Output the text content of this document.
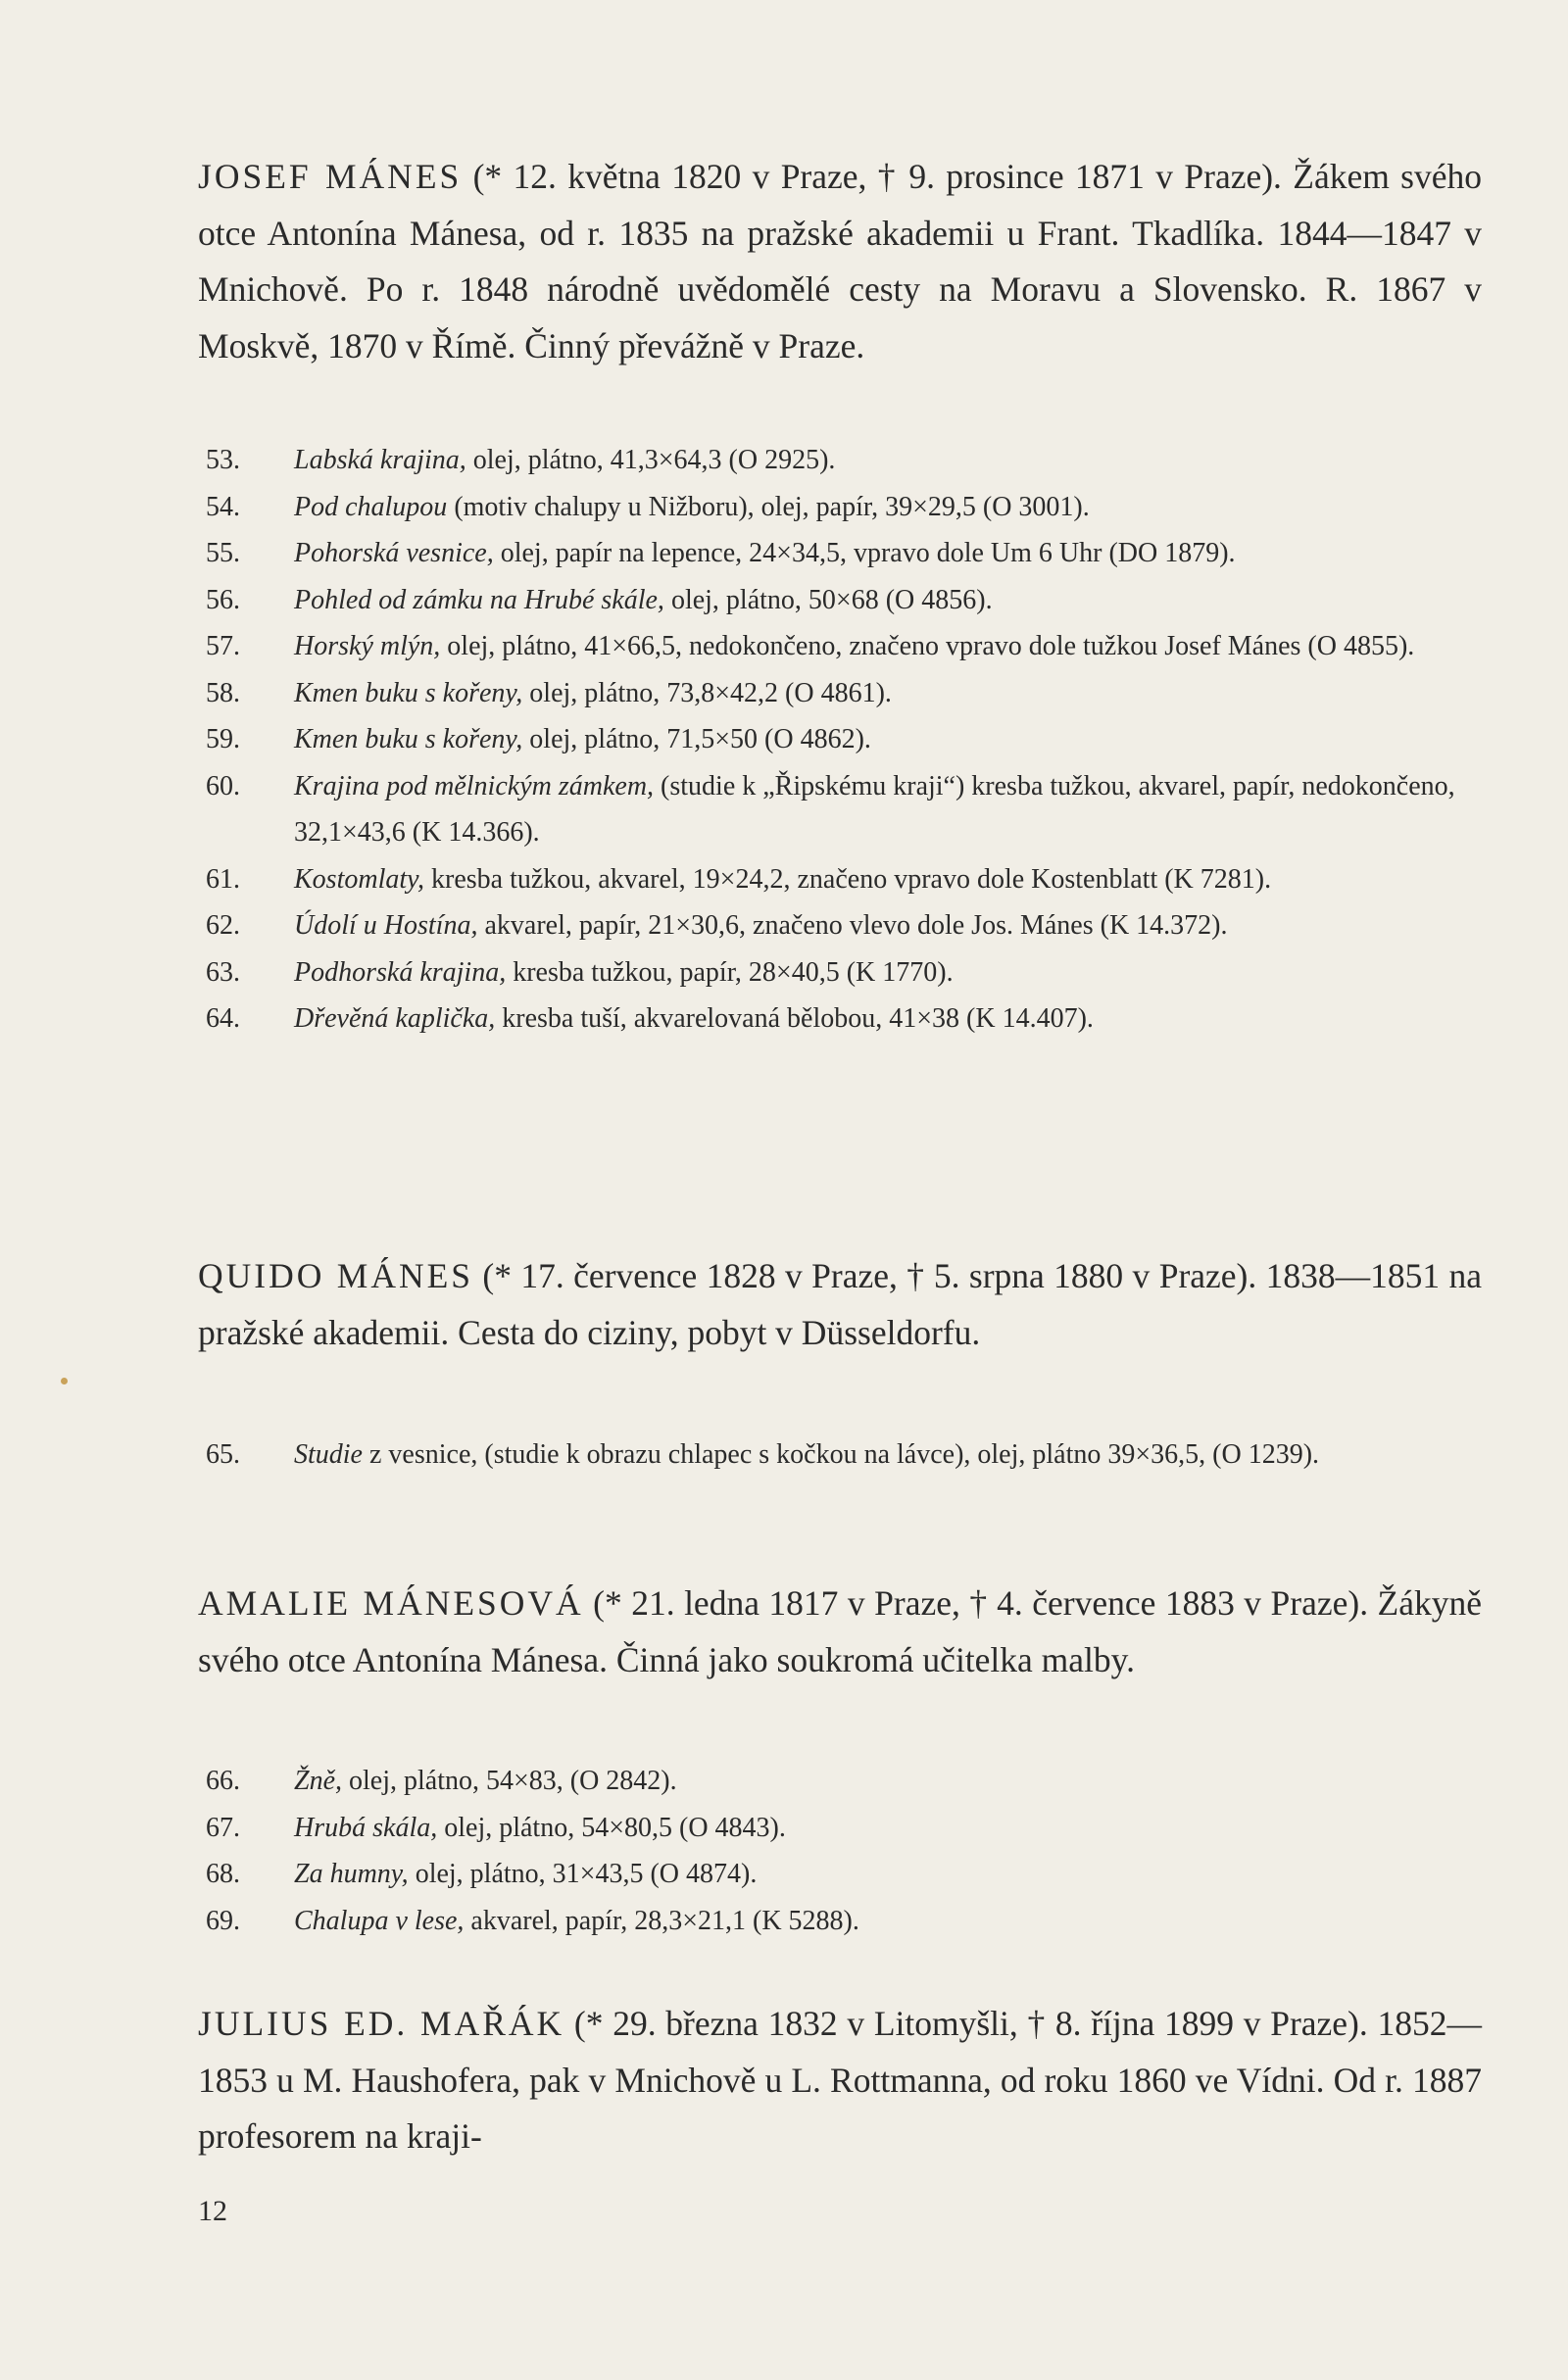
JOSEF MÁNES (* 12. května 1820 v Praze, † 9. prosince 1871 v Praze). Žákem svého otce Antonína Mánesa, od r. 1835 na pražské akademii u Frant. Tkadlíka. 1844—1847 v Mnichově. Po r. 1848 národně uvědomělé cesty na Moravu a Slovensko. R. 1867 v Moskvě, 1870 v Římě. Činný převážně v Praze.
53.	Labská krajina, olej, plátno, 41,3×64,3 (O 2925).
54.	Pod chalupou (motiv chalupy u Nižboru), olej, papír, 39×29,5 (O 3001).
55.	Pohorská vesnice, olej, papír na lepence, 24×34,5, vpravo dole Um 6 Uhr (DO 1879).
56.	Pohled od zámku na Hrubé skále, olej, plátno, 50×68 (O 4856).
57.	Horský mlýn, olej, plátno, 41×66,5, nedokončeno, značeno vpravo dole tužkou Josef Mánes (O 4855).
58.	Kmen buku s kořeny, olej, plátno, 73,8×42,2 (O 4861).
59.	Kmen buku s kořeny, olej, plátno, 71,5×50 (O 4862).
60.	Krajina pod mělnickým zámkem, (studie k „Řipskému kraji“) kresba tužkou, akvarel, papír, nedokončeno, 32,1×43,6 (K 14.366).
61.	Kostomlaty, kresba tužkou, akvarel, 19×24,2, značeno vpravo dole Kostenblatt (K 7281).
62.	Údolí u Hostína, akvarel, papír, 21×30,6, značeno vlevo dole Jos. Mánes (K 14.372).
63.	Podhorská krajina, kresba tužkou, papír, 28×40,5 (K 1770).
64.	Dřevěná kaplička, kresba tuší, akvarelovaná bělobou, 41×38 (K 14.407).
QUIDO MÁNES (* 17. července 1828 v Praze, † 5. srpna 1880 v Praze). 1838—1851 na pražské akademii. Cesta do ciziny, pobyt v Düsseldorfu.
65.	Studie z vesnice, (studie k obrazu chlapec s kočkou na lávce), olej, plátno 39×36,5, (O 1239).
AMALIE MÁNESOVÁ (* 21. ledna 1817 v Praze, † 4. července 1883 v Praze). Žákyně svého otce Antonína Mánesa. Činná jako soukromá učitelka malby.
66.	Žně, olej, plátno, 54×83, (O 2842).
67.	Hrubá skála, olej, plátno, 54×80,5 (O 4843).
68.	Za humny, olej, plátno, 31×43,5 (O 4874).
69.	Chalupa v lese, akvarel, papír, 28,3×21,1 (K 5288).
JULIUS ED. MAŘÁK (* 29. března 1832 v Litomyšli, † 8. října 1899 v Praze). 1852—1853 u M. Haushofera, pak v Mnichově u L. Rottmanna, od roku 1860 ve Vídni. Od r. 1887 profesorem na kraji-
12
